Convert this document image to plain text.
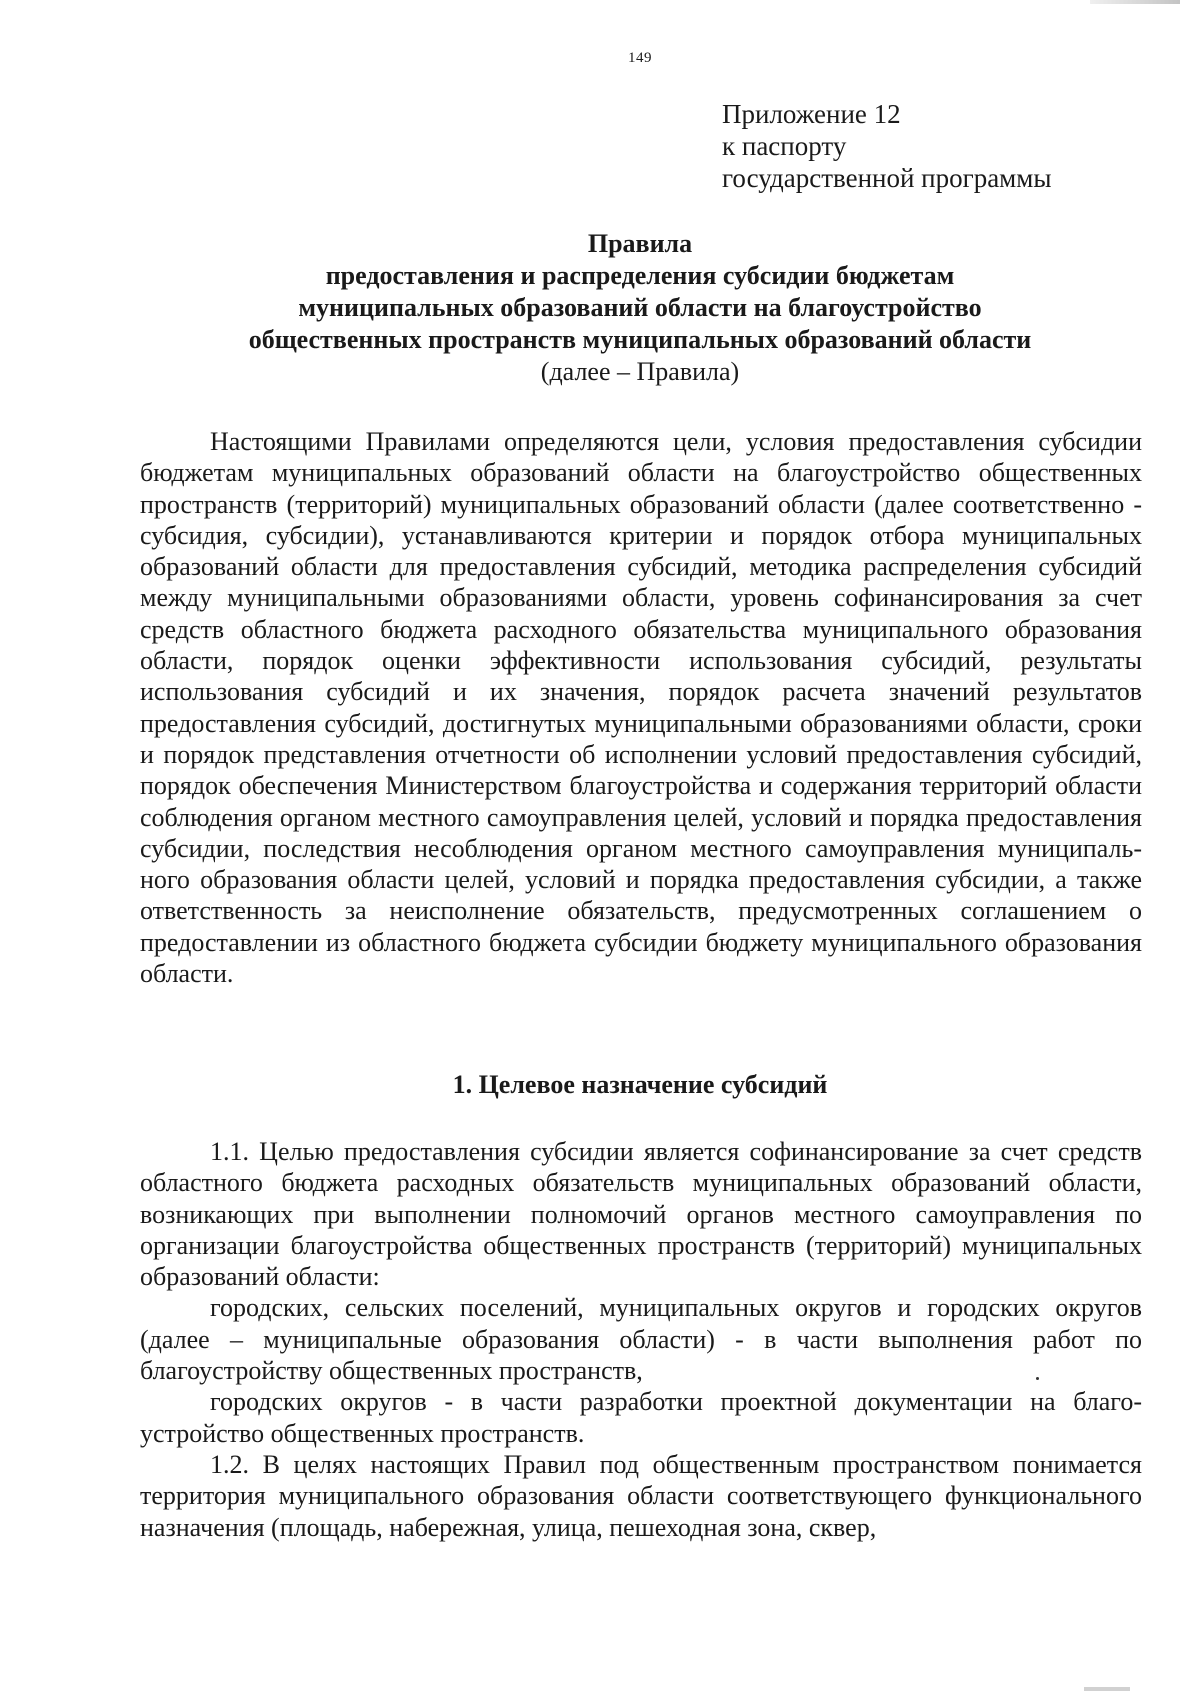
149
Приложение 12
к паспорту
государственной программы
Правила
предоставления и распределения субсидии бюджетам
муниципальных образований области на благоустройство
общественных пространств муниципальных образований области
(далее – Правила)

Настоящими Правилами определяются цели, условия предоставления субсидии бюджетам муниципальных образований области на благоустройство общественных пространств (территорий) муниципальных образований области (далее соответственно - субсидия, субсидии), устанавливаются критерии и порядок отбора муниципальных образований области для предоставления субсидий, методика распределения субсидий между муниципальными образованиями области, уровень софинансирования за счет средств областного бюджета расходного обязательства муниципального образования области, порядок оценки эффективности использования субсидий, результаты использования субсидий и их значения, порядок расчета значений результатов предоставления субсидий, достигнутых муниципальными образованиями области, сроки и порядок представления отчетности об исполнении условий предоставления субсидий, порядок обеспечения Министерством благоустройства и содержания территорий области соблюдения органом местного самоуправления целей, условий и порядка предоставления субсидии, последствия несоблюдения органом местного самоуправления муниципального образования области целей, условий и порядка предоставления субсидии, а также ответственность за неисполнение обязательств, предусмотренных соглашением о предоставлении из областного бюджета субсидии бюджету муниципального образования области.

1. Целевое назначение субсидий

1.1. Целью предоставления субсидии является софинансирование за счет средств областного бюджета расходных обязательств муниципальных образований области, возникающих при выполнении полномочий органов местного самоуправления по организации благоустройства общественных пространств (территорий) муниципальных образований области:

городских, сельских поселений, муниципальных округов и городских округов (далее – муниципальные образования области) - в части выполнения работ по благоустройству общественных пространств,

городских округов - в части разработки проектной документации на благоустройство общественных пространств.

1.2. В целях настоящих Правил под общественным пространством понимается территория муниципального образования области соответствующего функционального назначения (площадь, набережная, улица, пешеходная зона, сквер,
